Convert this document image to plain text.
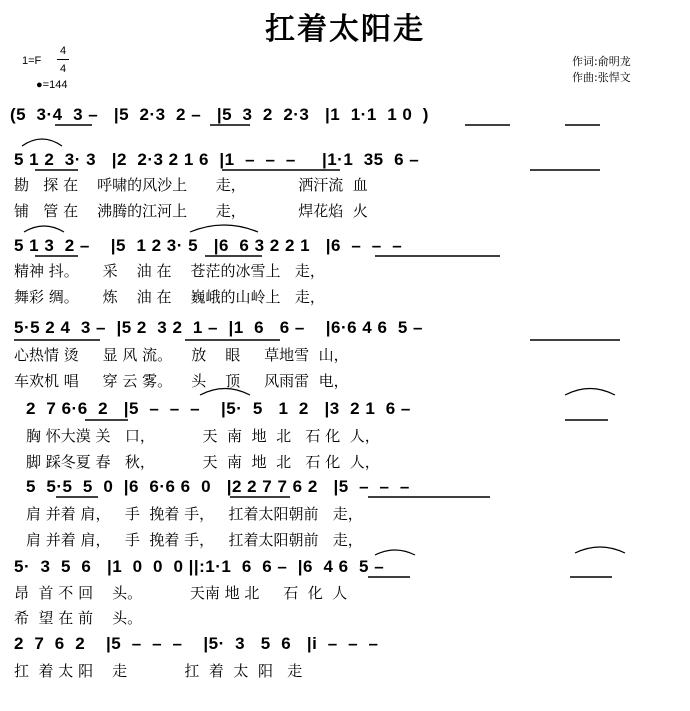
扛着太阳走
1=F
4
4
●=144
作词:俞明龙
作曲:张悍文
(5  3·4  3 –   |5  2·3  2 –   |5  3  2  2·3   |1  1·1  1 0  )
5 1 2  3· 3   |2  2·3 2 1 6  |1  –  –  –     |1·1  35  6 –
勘   探 在    呼啸的风沙上      走，           洒汗流  血
铺   管 在    沸腾的江河上      走，           焊花焰  火
5 1 3  2 –    |5  1 2 3· 5   |6  6 3 2 2 1   |6  –  –  –
精神 抖。     采    油 在    苍茫的冰雪上   走，
舞彩 绸。     炼    油 在    巍峨的山岭上   走，
5·5 2 4  3 –  |5 2  3 2  1 –  |1  6   6 –    |6·6 4 6  5 –
心热情 烫     显 风 流。    放    眼     草地雪  山，
车欢机 唱     穿 云 雾。    头    顶     风雨雷  电，
2  7 6·6  2   |5  –  –  –    |5·  5   1  2   |3  2 1  6 –
胸 怀大漠 关   口，          天  南  地  北   石 化  人，
脚 踩冬夏 春   秋，          天  南  地  北   石 化  人，
5  5·5  5  0  |6  6·6 6  0   |2 2 7 7 6 2   |5  –  –  –
肩 并着 肩，   手  挽着 手，   扛着太阳朝前   走，
肩 并着 肩，   手  挽着 手，   扛着太阳朝前   走，
5·  3  5  6   |1  0  0  0 ||:1·1  6  6 –  |6  4 6  5 –
昂  首 不 回    头。          天南 地 北     石  化  人
希  望 在 前    头。
2  7  6  2    |5  –  –  –    |5·  3   5  6   |i  –  –  –
扛  着 太 阳    走            扛  着  太  阳   走
